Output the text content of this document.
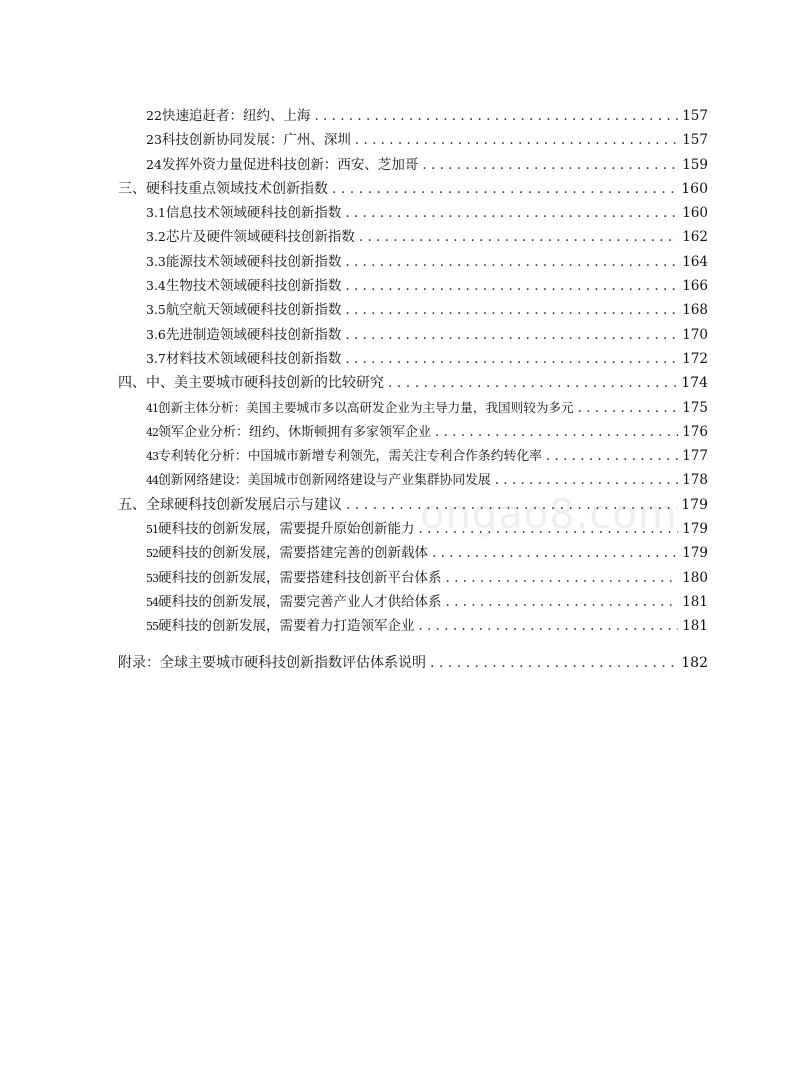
ongao8.com
22 快速追赶者：纽约、上海 . . .	157
23 科技创新协同发展：广州、深圳 . . .	157
24 发挥外资力量促进科技创新：西安、芝加哥 . . .	159
三、硬科技重点领域技术创新指数 . . .	160
3.1 信息技术领域硬科技创新指数 . . .	160
3.2 芯片及硬件领域硬科技创新指数 . . .	162
3.3 能源技术领域硬科技创新指数 . . .	164
3.4 生物技术领域硬科技创新指数 . . .	166
3.5 航空航天领域硬科技创新指数 . . .	168
3.6 先进制造领域硬科技创新指数 . . .	170
3.7 材料技术领域硬科技创新指数 . . .	172
四、中、美主要城市硬科技创新的比较研究 . . .	174
41 创新主体分析：美国主要城市多以高研发企业为主导力量，我国则较为多元 . . .	175
42 领军企业分析：纽约、休斯顿拥有多家领军企业 . . .	176
43 专利转化分析：中国城市新增专利领先，需关注专利合作条约转化率 . . .	177
44 创新网络建设：美国城市创新网络建设与产业集群协同发展 . . .	178
五、全球硬科技创新发展启示与建议 . . .	179
51 硬科技的创新发展，需要提升原始创新能力 . . .	179
52 硬科技的创新发展，需要搭建完善的创新载体 . . .	179
53 硬科技的创新发展，需要搭建科技创新平台体系 . . .	180
54 硬科技的创新发展，需要完善产业人才供给体系 . . .	181
55 硬科技的创新发展，需要着力打造领军企业 . . .	181
附录：全球主要城市硬科技创新指数评估体系说明 . . .	182
